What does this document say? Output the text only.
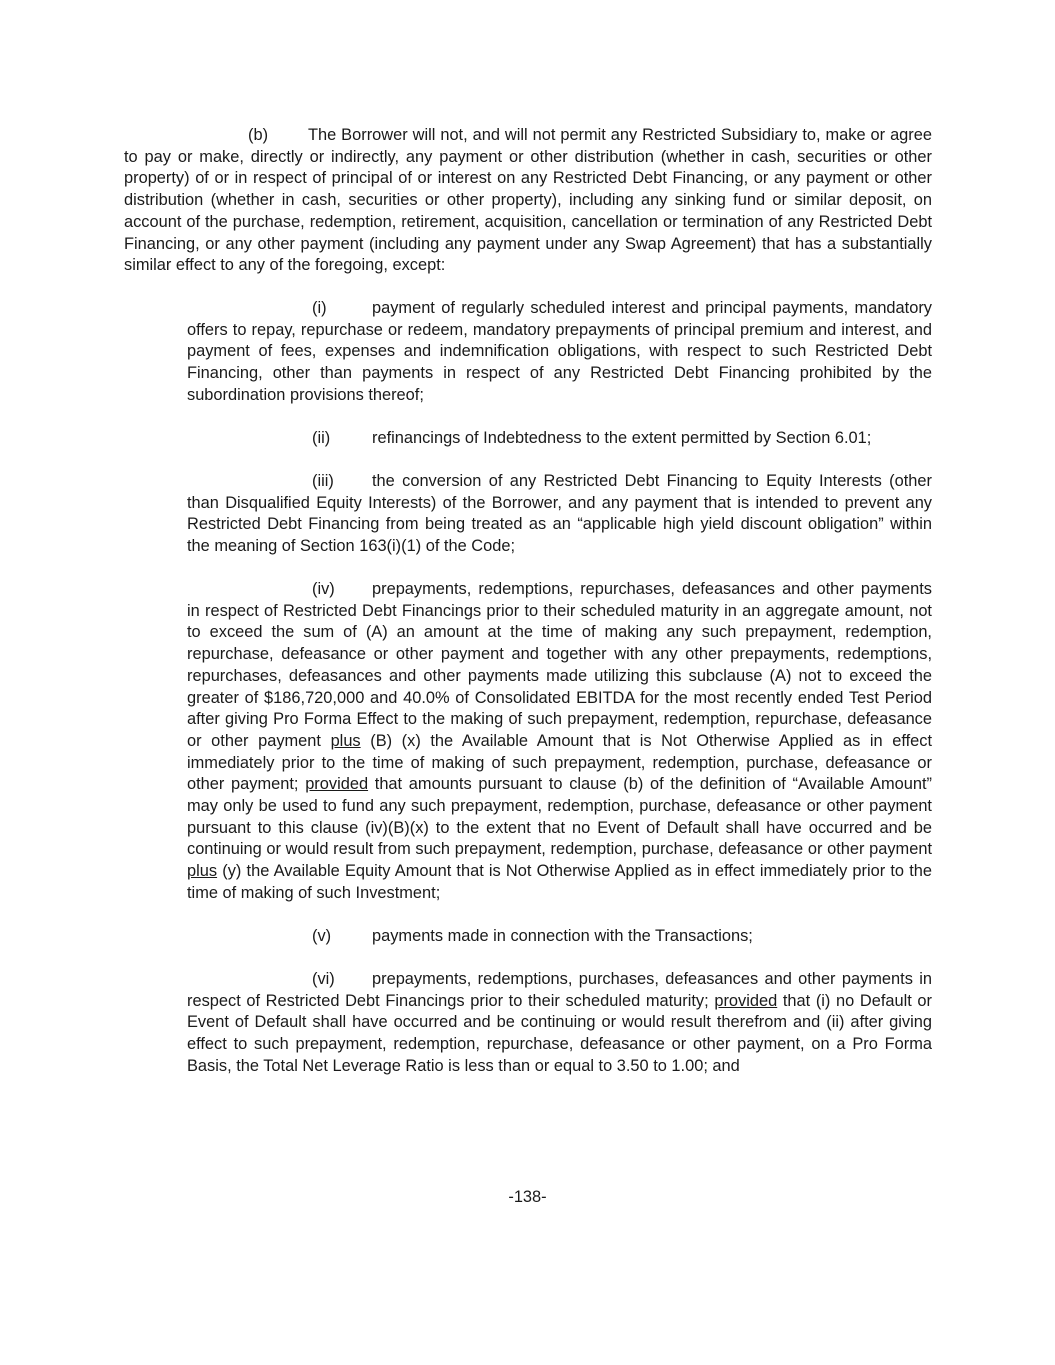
(b) The Borrower will not, and will not permit any Restricted Subsidiary to, make or agree to pay or make, directly or indirectly, any payment or other distribution (whether in cash, securities or other property) of or in respect of principal of or interest on any Restricted Debt Financing, or any payment or other distribution (whether in cash, securities or other property), including any sinking fund or similar deposit, on account of the purchase, redemption, retirement, acquisition, cancellation or termination of any Restricted Debt Financing, or any other payment (including any payment under any Swap Agreement) that has a substantially similar effect to any of the foregoing, except:

(i)	payment of regularly scheduled interest and principal payments, mandatory offers to repay, repurchase or redeem, mandatory prepayments of principal premium and interest, and payment of fees, expenses and indemnification obligations, with respect to such Restricted Debt Financing, other than payments in respect of any Restricted Debt Financing prohibited by the subordination provisions thereof;

(ii)	refinancings of Indebtedness to the extent permitted by Section 6.01;

(iii) the conversion of any Restricted Debt Financing to Equity Interests (other than Disqualified Equity Interests) of the Borrower, and any payment that is intended to prevent any Restricted Debt Financing from being treated as an “applicable high yield discount obligation” within the meaning of Section 163(i)(1) of the Code;

(iv) prepayments, redemptions, repurchases, defeasances and other payments in respect of Restricted Debt Financings prior to their scheduled maturity in an aggregate amount, not to exceed the sum of (A) an amount at the time of making any such prepayment, redemption, repurchase, defeasance or other payment and together with any other prepayments, redemptions, repurchases, defeasances and other payments made utilizing this subclause (A) not to exceed the greater of $186,720,000 and 40.0% of Consolidated EBITDA for the most recently ended Test Period after giving Pro Forma Effect to the making of such prepayment, redemption, repurchase, defeasance or other payment plus (B) (x) the Available Amount that is Not Otherwise Applied as in effect immediately prior to the time of making of such prepayment, redemption, purchase, defeasance or other payment; provided that amounts pursuant to clause (b) of the definition of “Available Amount” may only be used to fund any such prepayment, redemption, purchase, defeasance or other payment pursuant to this clause (iv)(B)(x) to the extent that no Event of Default shall have occurred and be continuing or would result from such prepayment, redemption, purchase, defeasance or other payment plus (y) the Available Equity Amount that is Not Otherwise Applied as in effect immediately prior to the time of making of such Investment;

(v) payments made in connection with the Transactions;

(vi) prepayments, redemptions, purchases, defeasances and other payments in respect of Restricted Debt Financings prior to their scheduled maturity; provided that (i) no Default or Event of Default shall have occurred and be continuing or would result therefrom and (ii) after giving effect to such prepayment, redemption, repurchase, defeasance or other payment, on a Pro Forma Basis, the Total Net Leverage Ratio is less than or equal to 3.50 to 1.00; and

-138-
